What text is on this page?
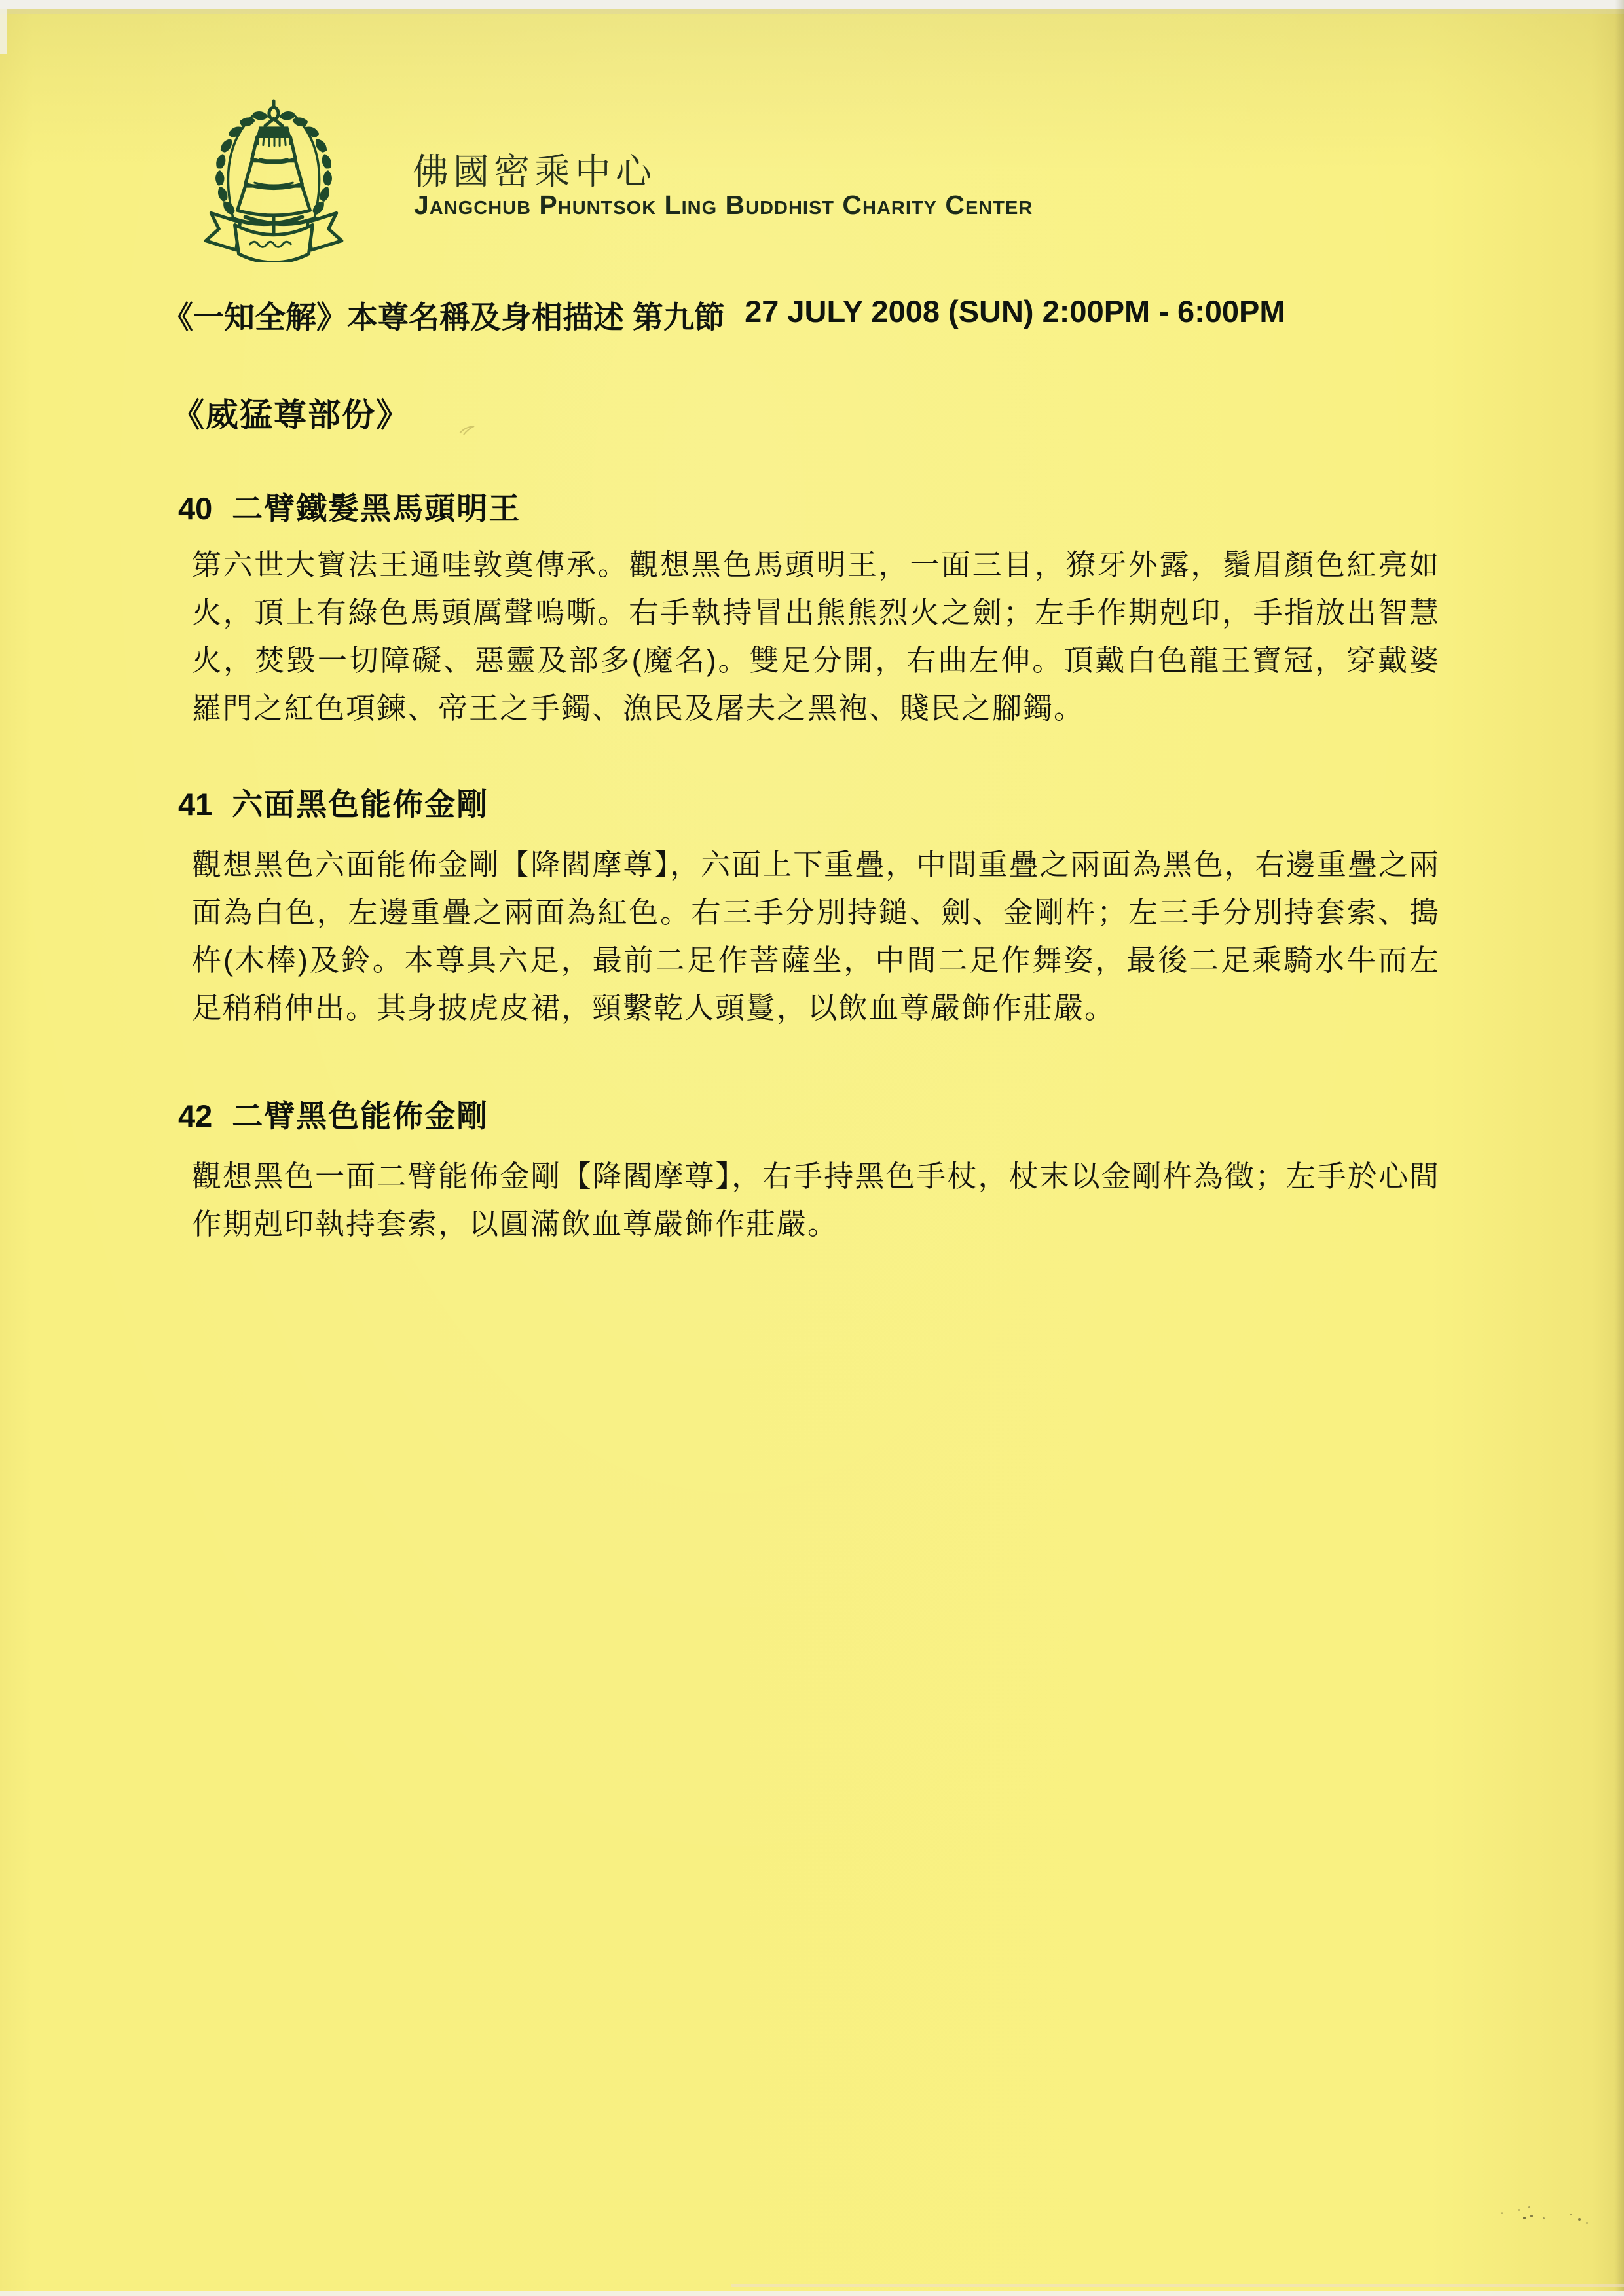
佛國密乘中心
Jangchub Phuntsok Ling Buddhist Charity Center
《一知全解》本尊名稱及身相描述 第九節 27 JULY 2008 (SUN) 2:00PM - 6:00PM
《威猛尊部份》
40 二臂鐵髮黑馬頭明王

第六世大寶法王通哇敦奠傳承。觀想黑色馬頭明王，一面三目，獠牙外露，鬚眉顏色紅亮如火，頂上有綠色馬頭厲聲嗚嘶。右手執持冒出熊熊烈火之劍；左手作期剋印，手指放出智慧火，焚毀一切障礙、惡靈及部多(魔名)。雙足分開，右曲左伸。頂戴白色龍王寶冠，穿戴婆羅門之紅色項鍊、帝王之手鐲、漁民及屠夫之黑袍、賤民之腳鐲。

41 六面黑色能佈金剛

觀想黑色六面能佈金剛【降閻摩尊】，六面上下重疊，中間重疊之兩面為黑色，右邊重疊之兩面為白色，左邊重疊之兩面為紅色。右三手分別持鎚、劍、金剛杵；左三手分別持套索、搗杵(木棒)及鈴。本尊具六足，最前二足作菩薩坐，中間二足作舞姿，最後二足乘騎水牛而左足稍稍伸出。其身披虎皮裙，頸繫乾人頭鬘，以飲血尊嚴飾作莊嚴。

42 二臂黑色能佈金剛

觀想黑色一面二臂能佈金剛【降閻摩尊】，右手持黑色手杖，杖末以金剛杵為徵；左手於心間作期剋印執持套索，以圓滿飲血尊嚴飾作莊嚴。
